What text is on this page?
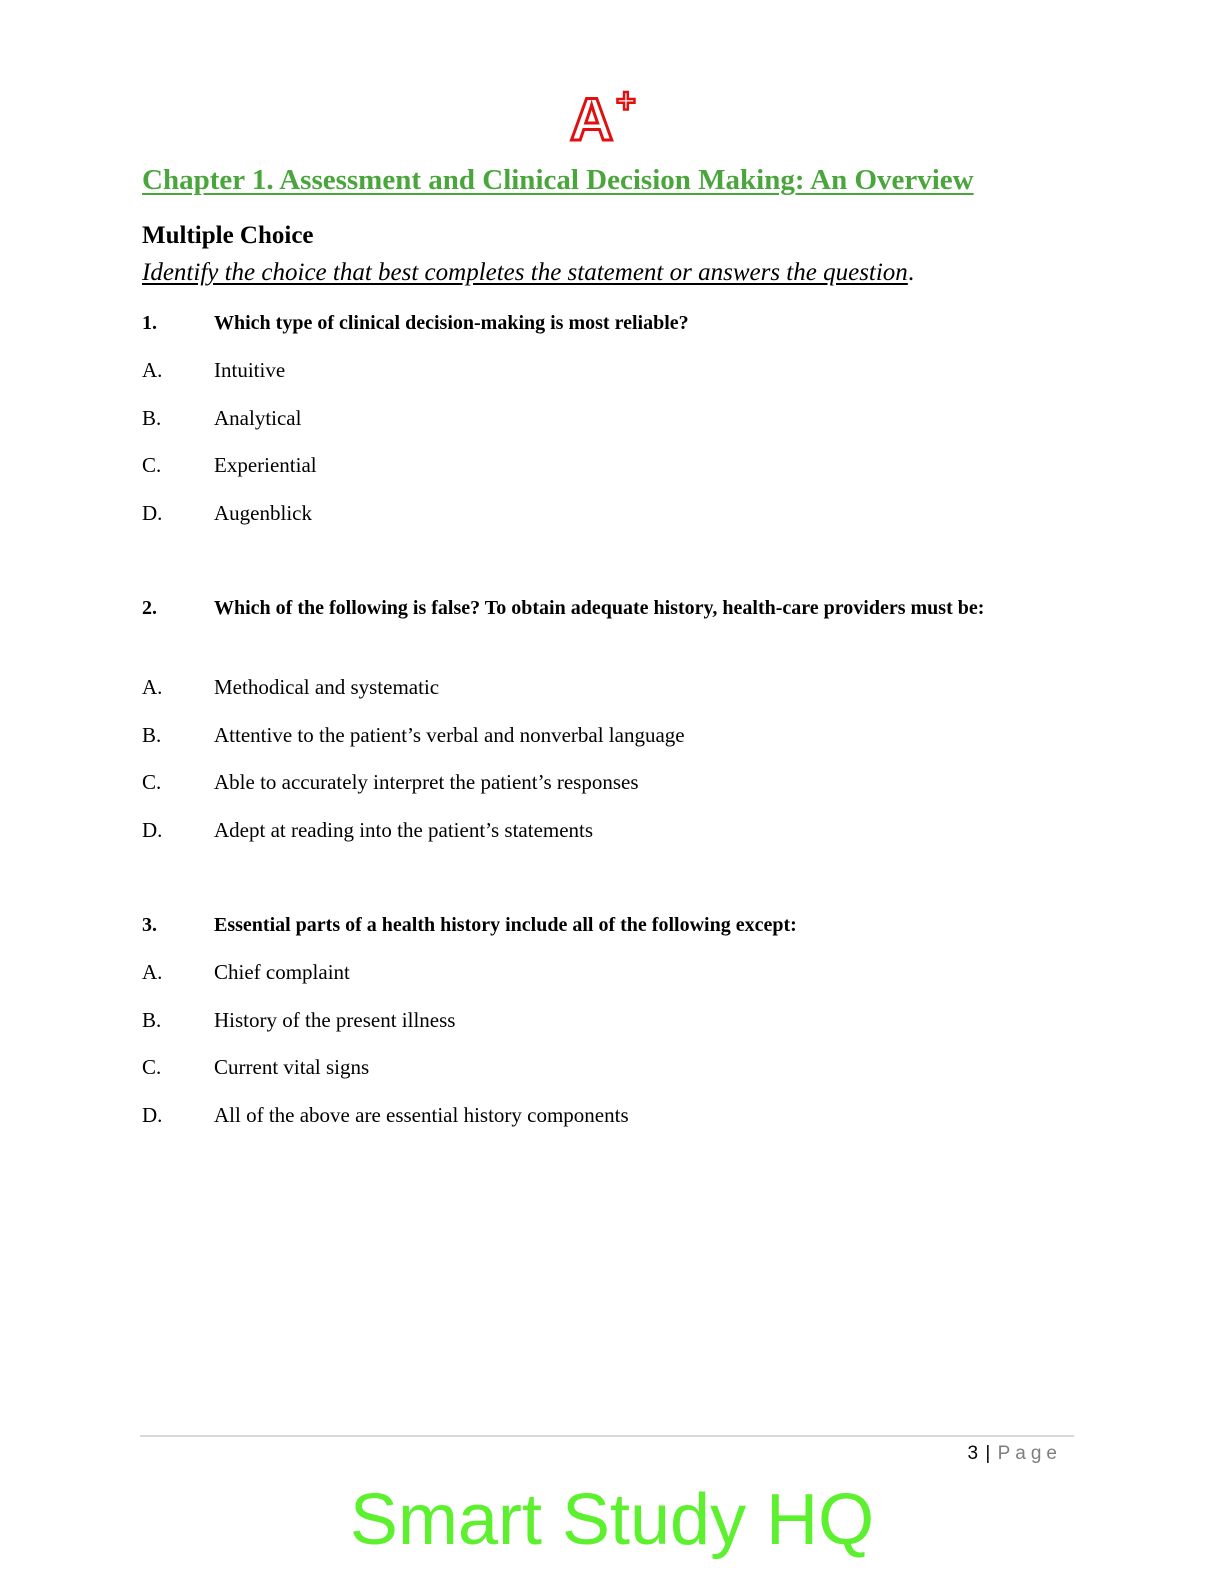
A +
Chapter 1. Assessment and Clinical Decision Making: An Overview
Multiple Choice

Identify the choice that best completes the statement or answers the question.

1.	Which type of clinical decision-making is most reliable?

A. Intuitive

B.	Analytical

C.	Experiential

D. Augenblick

2.	Which of the following is false? To obtain adequate history, health-care providers must be:

A. Methodical and systematic

B.	Attentive to the patient’s verbal and nonverbal language

C.	Able to accurately interpret the patient’s responses

D. Adept at reading into the patient’s statements

3.	Essential parts of a health history include all of the following except:

A. Chief complaint

B.	History of the present illness

C.	Current vital signs

D. All of the above are essential history components

3 | Page
Smart Study HQ
